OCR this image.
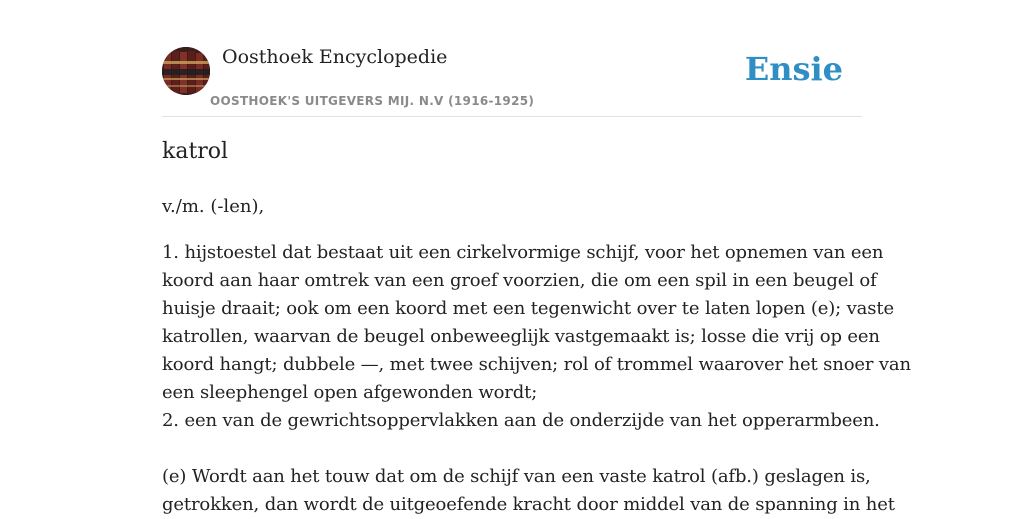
Oosthoek Encyclopedie
OOSTHOEK'S UITGEVERS MIJ. N.V (1916-1925)
Ensie
katrol
v./m. (-len),
1. hijstoestel dat bestaat uit een cirkelvormige schijf, voor het opnemen van een
koord aan haar omtrek van een groef voorzien, die om een spil in een beugel of
huisje draait; ook om een koord met een tegenwicht over te laten lopen (e); vaste
katrollen, waarvan de beugel onbeweeglijk vastgemaakt is; losse die vrij op een
koord hangt; dubbele —, met twee schijven; rol of trommel waarover het snoer van
een sleephengel open afgewonden wordt;
2. een van de gewrichtsoppervlakken aan de onderzijde van het opperarmbeen.
(e) Wordt aan het touw dat om de schijf van een vaste katrol (afb.) geslagen is,
getrokken, dan wordt de uitgeoefende kracht door middel van de spanning in het
